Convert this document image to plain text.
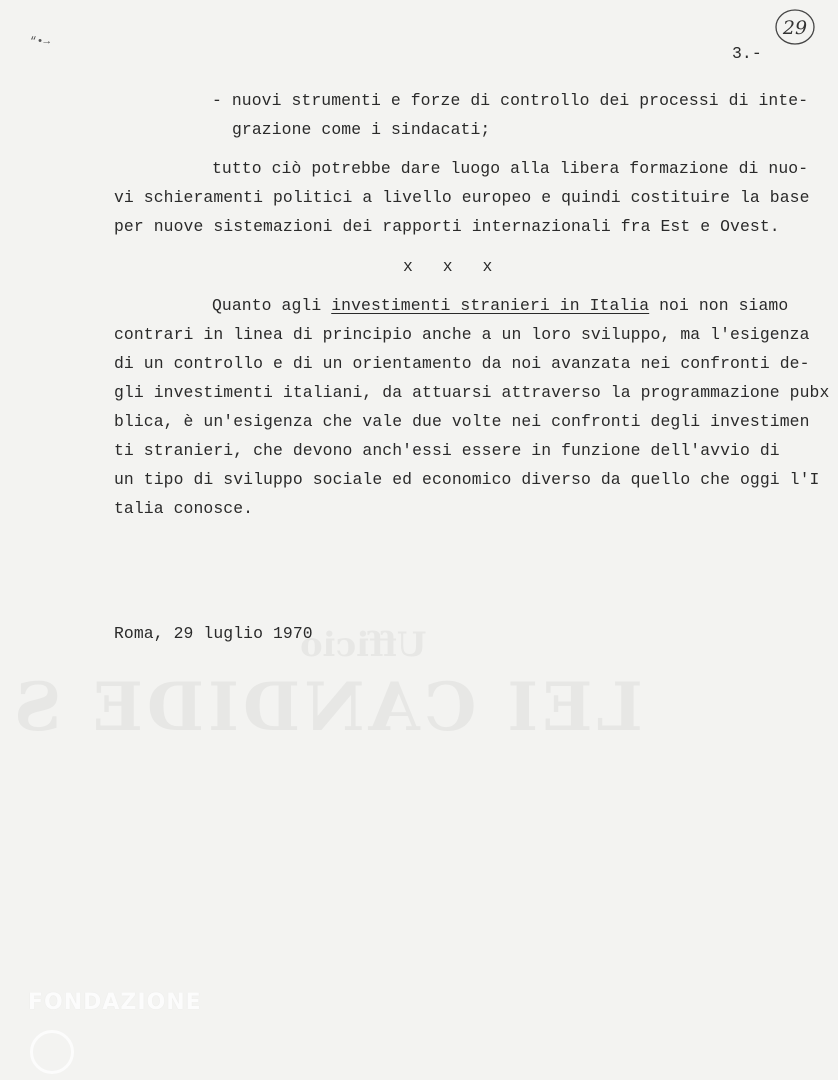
“•→
29
3.-
- nuovi strumenti e forze di controllo dei processi di inte-
grazione come i sindacati;
tutto ciò potrebbe dare luogo alla libera formazione di nuo-
vi schieramenti politici a livello europeo e quindi costituire la base
per nuove sistemazioni dei rapporti internazionali fra Est e Ovest.
x   x   x
Quanto agli investimenti stranieri in Italia noi non siamo
contrari in linea di principio anche a un loro sviluppo, ma l'esigenza
di un controllo e di un orientamento da noi avanzata nei confronti de-
gli investimenti italiani, da attuarsi attraverso la programmazione pubx
blica, è un'esigenza che vale due volte nei confronti degli investimen
ti stranieri, che devono anch'essi essere in funzione dell'avvio di
un tipo di sviluppo sociale ed economico diverso da quello che oggi l'I
talia conosce.
Roma, 29 luglio 1970
FONDAZIONE
